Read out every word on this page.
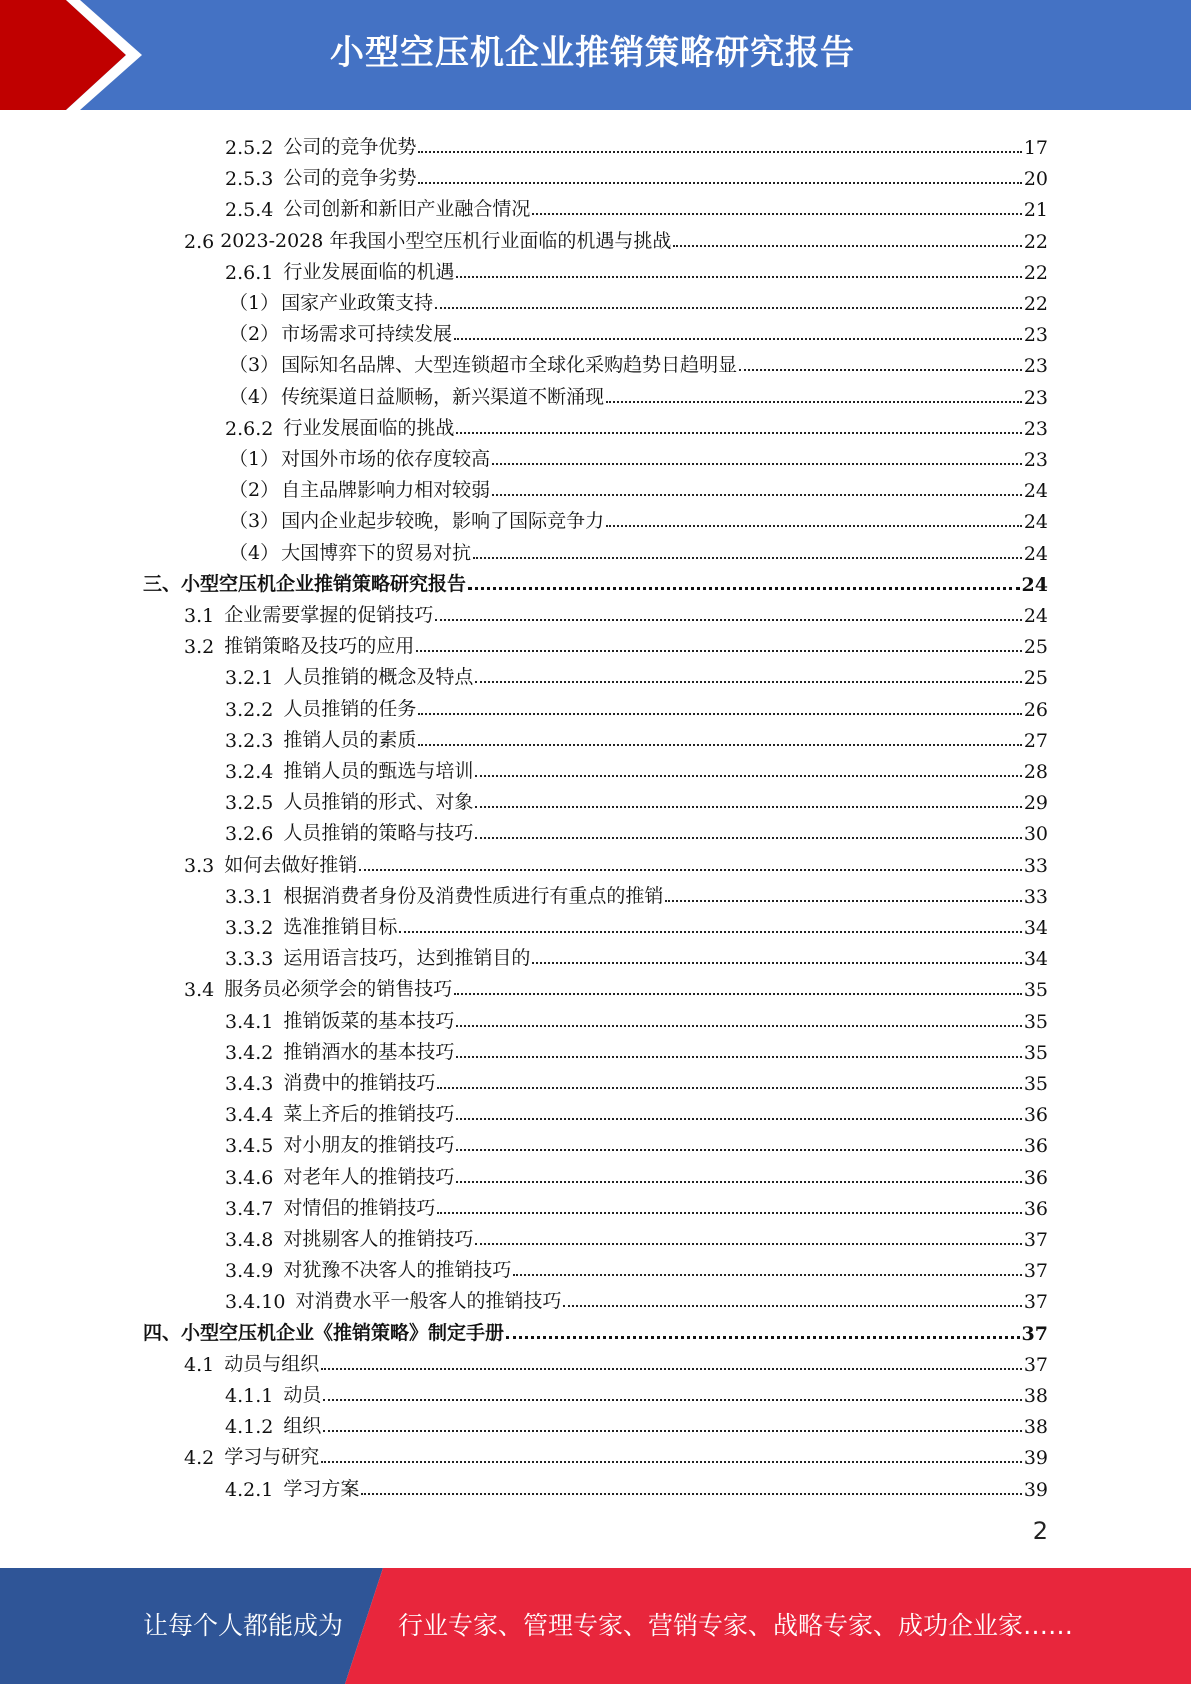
小型空压机企业推销策略研究报告
2.5.2 公司的竞争优势	17
2.5.3 公司的竞争劣势	20
2.5.4 公司创新和新旧产业融合情况	21
2.6 2023-2028 年我国小型空压机行业面临的机遇与挑战	22
2.6.1 行业发展面临的机遇	22
（1） 国家产业政策支持	22
（2） 市场需求可持续发展	23
（3） 国际知名品牌、大型连锁超市全球化采购趋势日趋明显	23
（4） 传统渠道日益顺畅，新兴渠道不断涌现	23
2.6.2 行业发展面临的挑战	23
（1） 对国外市场的依存度较高	23
（2） 自主品牌影响力相对较弱	24
（3） 国内企业起步较晚，影响了国际竞争力	24
（4） 大国博弈下的贸易对抗	24
三、小型空压机企业推销策略研究报告	24
3.1 企业需要掌握的促销技巧	24
3.2 推销策略及技巧的应用	25
3.2.1 人员推销的概念及特点	25
3.2.2 人员推销的任务	26
3.2.3 推销人员的素质	27
3.2.4 推销人员的甄选与培训	28
3.2.5 人员推销的形式、对象	29
3.2.6 人员推销的策略与技巧	30
3.3 如何去做好推销	33
3.3.1 根据消费者身份及消费性质进行有重点的推销	33
3.3.2 选准推销目标	34
3.3.3 运用语言技巧，达到推销目的	34
3.4 服务员必须学会的销售技巧	35
3.4.1 推销饭菜的基本技巧	35
3.4.2 推销酒水的基本技巧	35
3.4.3 消费中的推销技巧	35
3.4.4 菜上齐后的推销技巧	36
3.4.5 对小朋友的推销技巧	36
3.4.6 对老年人的推销技巧	36
3.4.7 对情侣的推销技巧	36
3.4.8 对挑剔客人的推销技巧	37
3.4.9 对犹豫不决客人的推销技巧	37
3.4.10 对消费水平一般客人的推销技巧	37
四、小型空压机企业《推销策略》制定手册	37
4.1 动员与组织	37
4.1.1 动员	38
4.1.2 组织	38
4.2 学习与研究	39
4.2.1 学习方案	39
2
让每个人都能成为 行业专家、管理专家、营销专家、战略专家、成功企业家……
